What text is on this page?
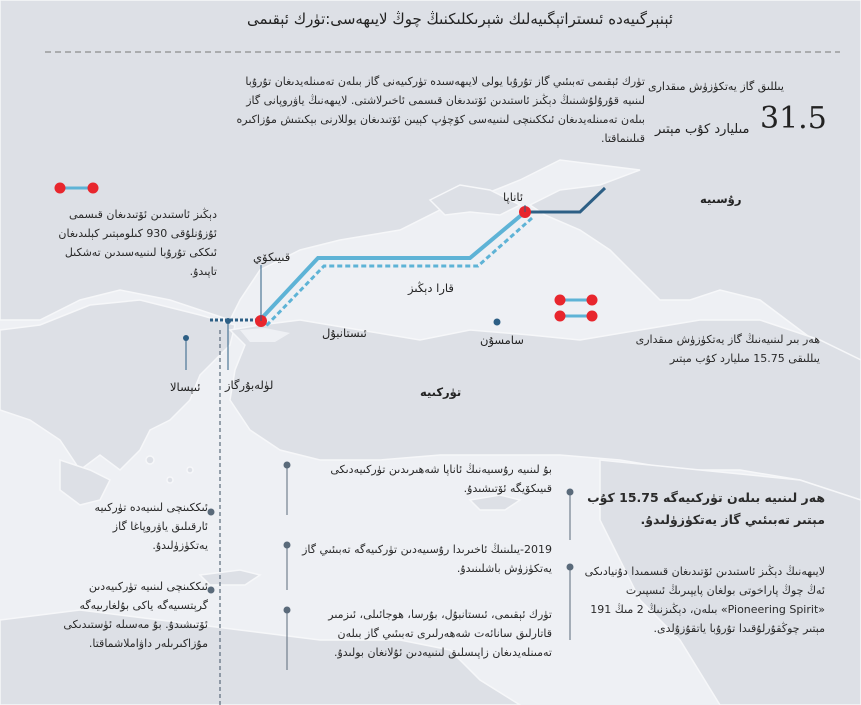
ئېنېرگىيەدە ئىستراتېگىيەلىك شېرىكلىكنىڭ چوڭ لايىھەسى:تۈرك ئېقىمى
تۈرك ئېقىمى تەبىئىي گاز تۇرۇبا يولى لايىھەسىدە تۈركىيەنى گاز بىلەن تەمىنلەيدىغان تۇرۇبا لىنىيە قۇرۇلۇشىنىڭ دېڭىز ئاستىدىن ئۆتىدىغان قىسمى ئاخىرلاشتى. لايىھەنىڭ ياۋروپانى گاز بىلەن تەمىنلەيدىغان ئىككىنچى لىنىيەسى كۆچۈپ كېيىن ئۆتىدىغان يوللارنى بېكىتىش مۇزاكىرە قىلىنماقتا.
يىللىق گاز يەتكۈزۈش مىقدارى
31.5
مىليارد كۇب مېتىر
دېڭىز ئاستىدىن ئۆتىدىغان قىسمى ئۇزۇنلۇقى 930 كىلومېتىر كېلىدىغان ئىككى تۇرۇبا لىنىيەسىدىن تەشكىل تاپىدۇ.
ھەر بىر لىنىيەنىڭ گاز يەتكۈزۈش مىقدارى يىللىقى 15.75 مىليارد كۇب مېتىر
ئاناپا	رۇسىيە
قىيىكۆي
قارا دېڭىز
ئىستانبۇل	سامسۇن
ئىپسالا لۈلەبۇرگاز	تۈركىيە
ئىككىنچى لىنىيەدە تۈركىيە ئارقىلىق ياۋروپاغا گاز يەتكۈزۈلىدۇ.
ئىككىنچى لىنىيە تۈركىيەدىن گرېتسىيەگە ياكى بۇلغارىيەگە ئۆتىشىدۇ. بۇ مەسىلە ئۈستىدىكى مۇزاكىرىلەر داۋاملاشماقتا.
بۇ لىنىيە رۇسىيەنىڭ ئاناپا شەھىرىدىن تۈركىيەدىكى قىيىكۆيگە ئۆتىشىدۇ.
2019-يىلىنىڭ ئاخىرىدا رۇسىيەدىن تۈركىيەگە تەبىئىي گاز يەتكۈزۈش باشلىنىدۇ.
تۈرك ئېقىمى، ئىستانبۇل، بۇرسا، ھوجائىلى، ئىزمىر قاتارلىق سانائەت شەھەرلىرى تەبىئىي گاز بىلەن تەمىنلەيدىغان زاپىسلىق لىنىيەدىن ئۇلانغان بولىدۇ.
ھەر لىنىيە بىلەن تۈركىيەگە 15.75 كۇب مېتىر تەبىئىي گاز يەتكۈزۈلىدۇ.
لايىھەنىڭ دېڭىز ئاستىدىن ئۆتىدىغان قىسمىدا دۇنيادىكى ئەڭ چوڭ پاراخوتى بولغان پايپىرىڭ ئىسپىرت «Pioneering Spirit» بىلەن، دېڭىزنىڭ 2 مىڭ 191 مېتىر چوڭقۇرلۇقىدا تۇرۇبا ياتقۇزۇلدى.
